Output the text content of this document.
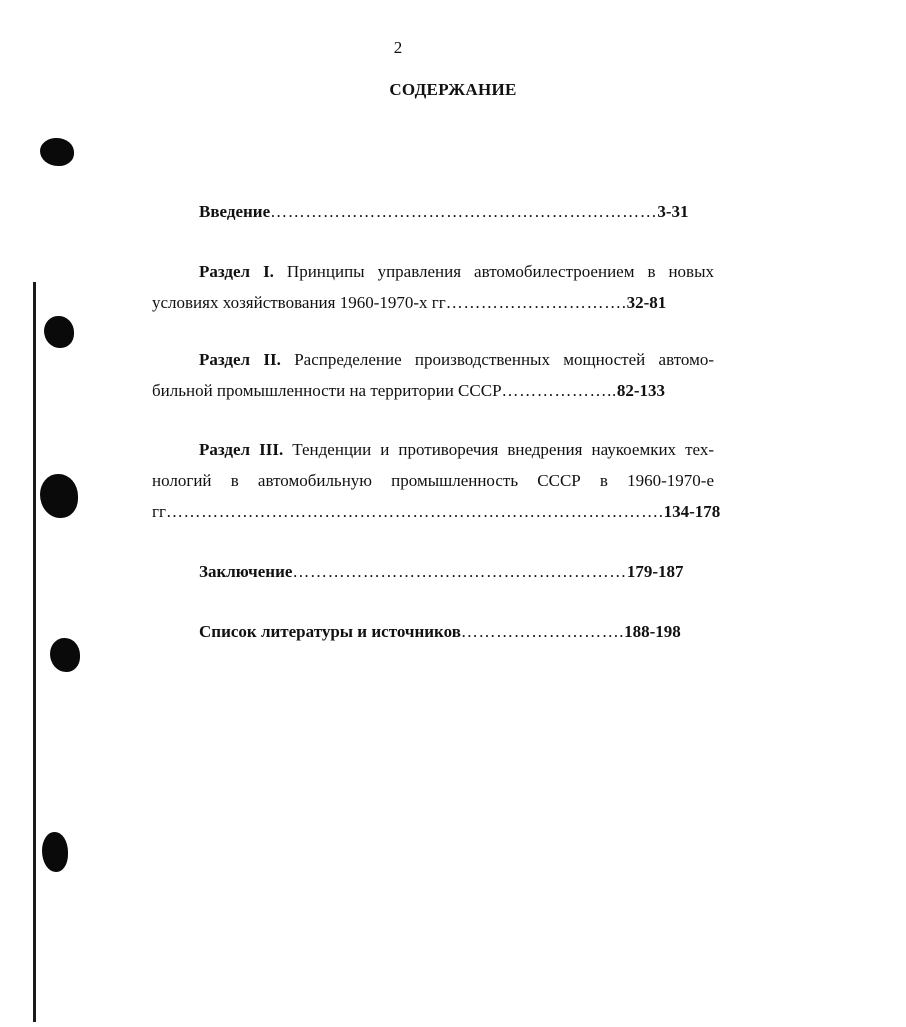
2
СОДЕРЖАНИЕ
Введение…………………………………………………………3-31
Раздел I. Принципы управления автомобилестроением в новых
условиях хозяйствования 1960-1970-х гг………………………….32-81
Раздел II. Распределение производственных мощностей автомо-
бильной промышленности на территории СССР………………..82-133
Раздел III. Тенденции и противоречия внедрения наукоемких тех-
нологий в автомобильную промышленность СССР в 1960-1970-е
гг………………………………………………………………………….134-178
Заключение…………………………………………………179-187
Список литературы и источников……………………….188-198
